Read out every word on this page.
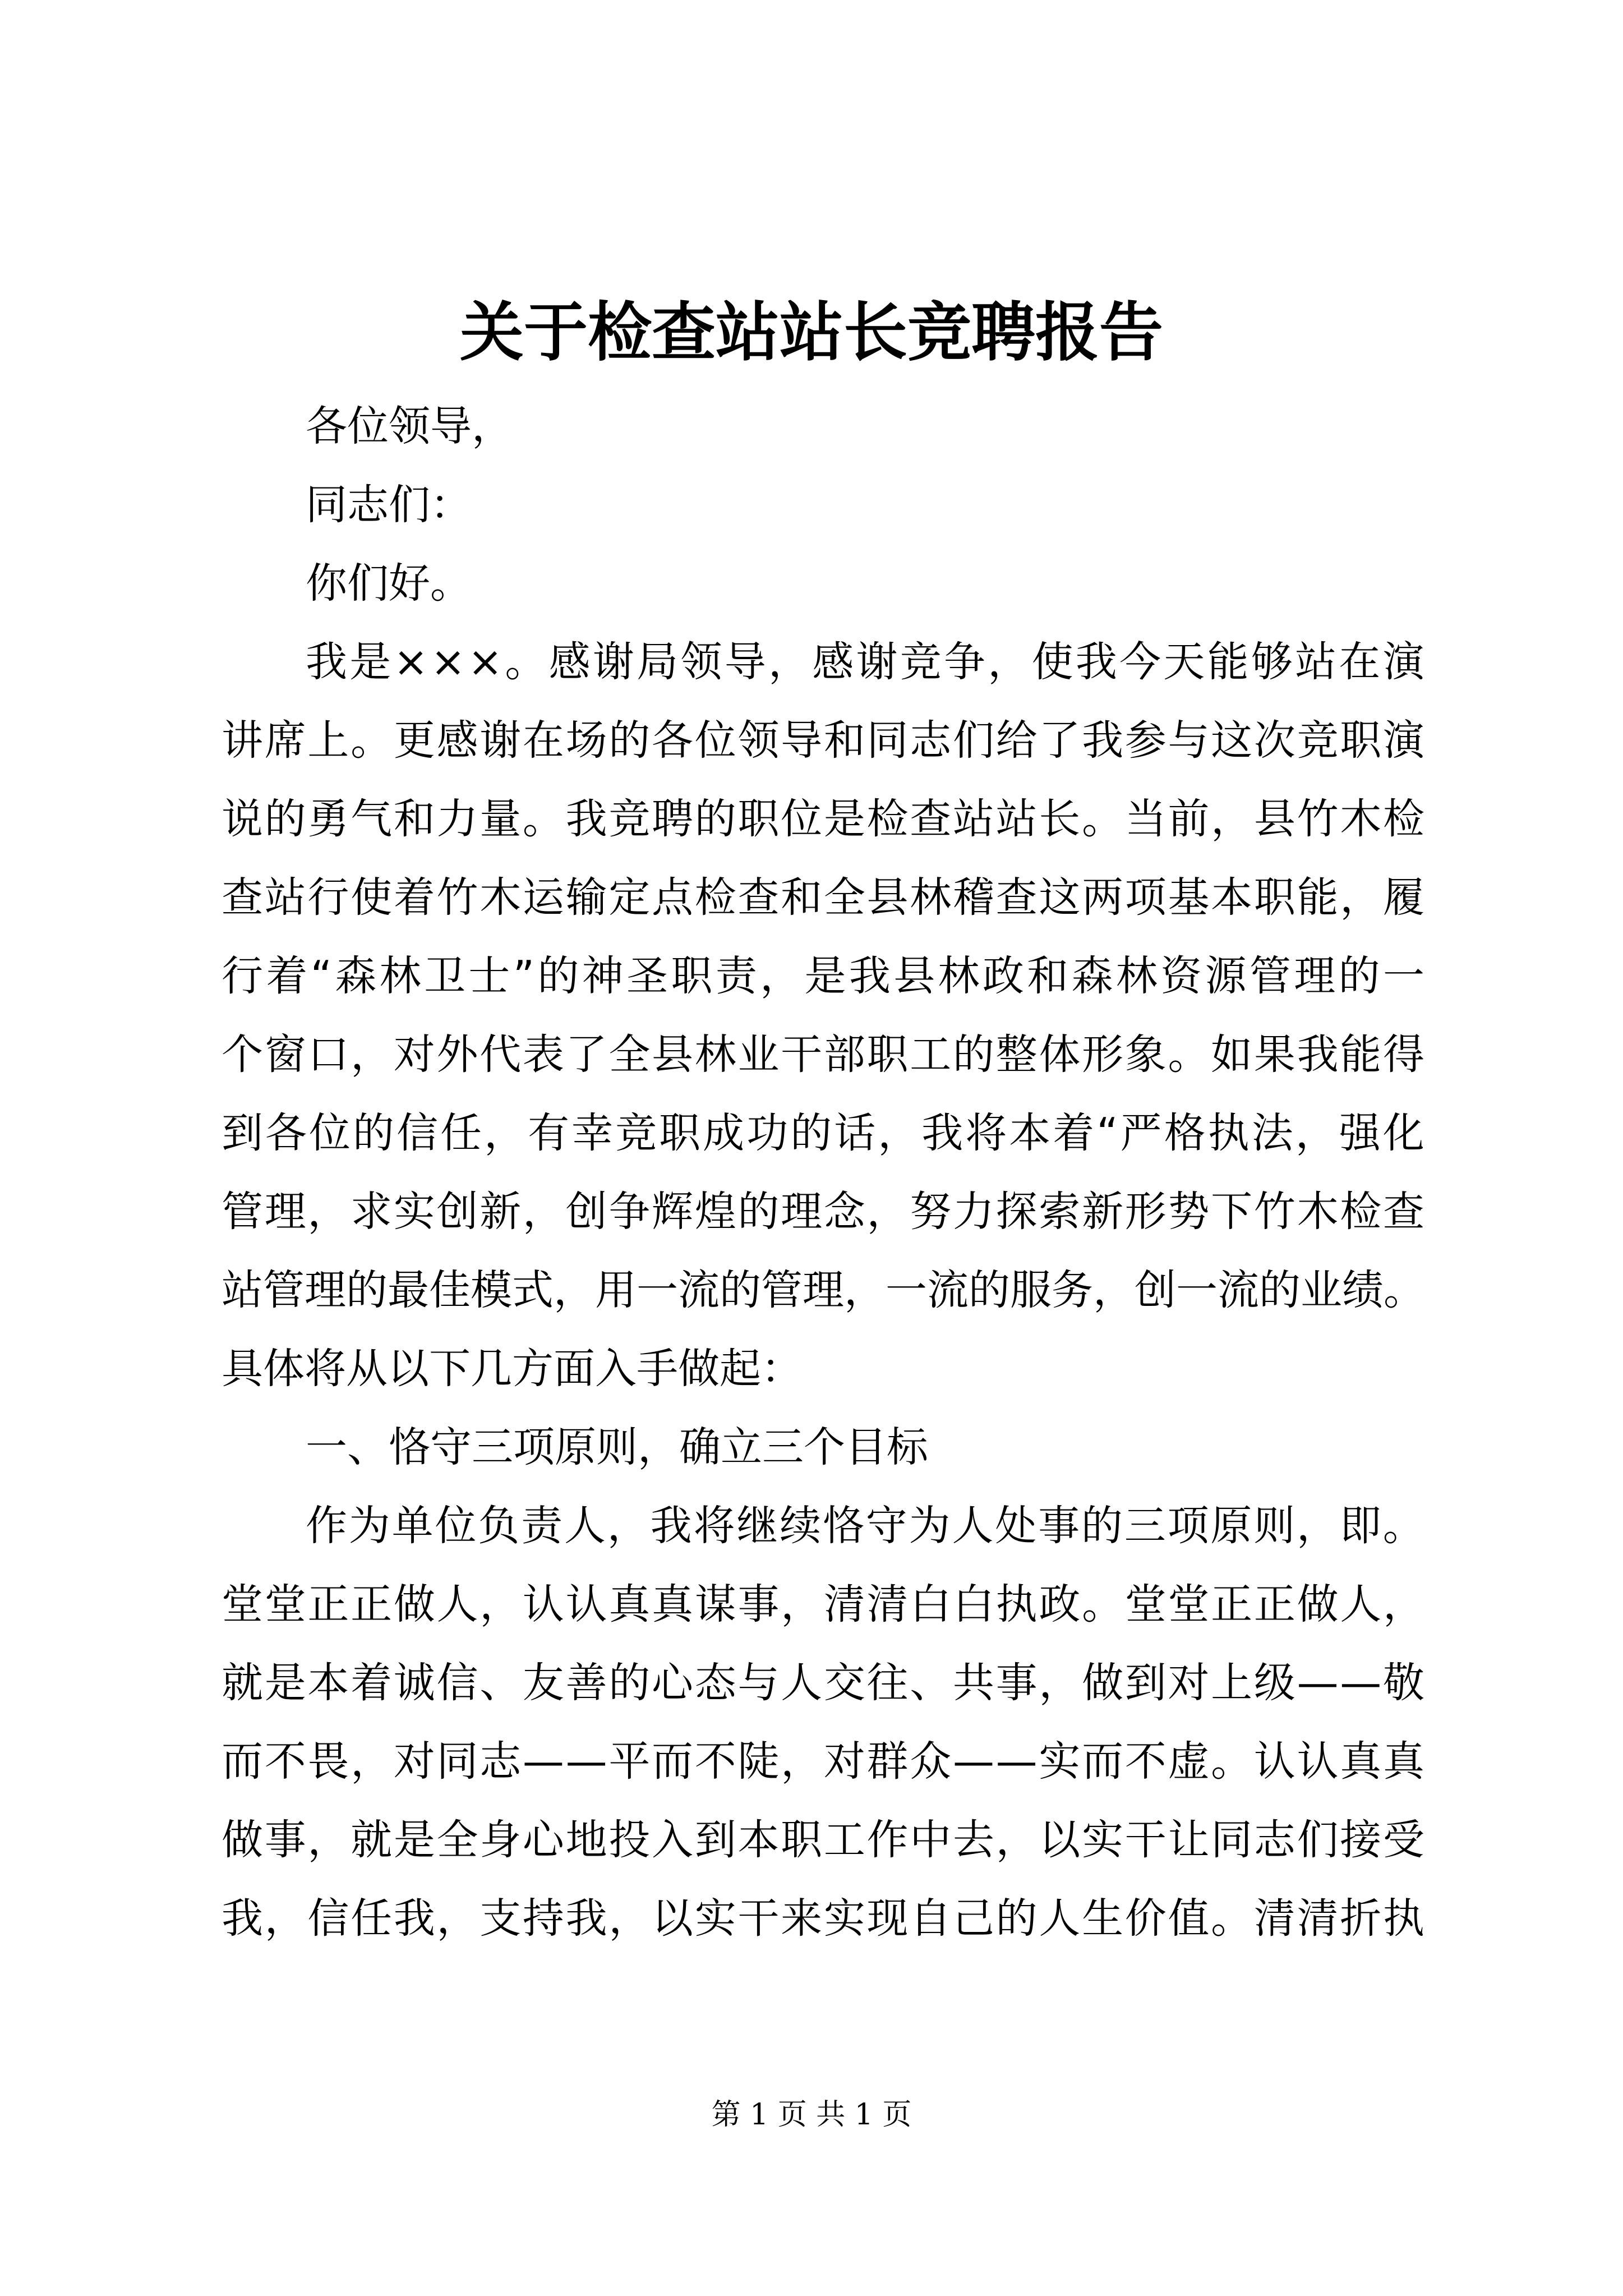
关于检查站站长竞聘报告
各位领导，
同志们：
你们好。
我 是 × × × 。 感 谢 局 领 导 ， 感 谢 竞 争 ， 使 我 今 天 能 够 站 在 演
讲 席 上 。 更 感 谢 在 场 的 各 位 领 导 和 同 志 们 给 了 我 参 与 这 次 竞 职 演
说 的 勇 气 和 力 量 。 我 竞 聘 的 职 位 是 检 查 站 站 长 。 当 前 ， 县 竹 木 检
查 站 行 使 着 竹 木 运 输 定 点 检 查 和 全 县 林 稽 查 这 两 项 基 本 职 能 ， 履
行 着 “ 森 林 卫 士 ” 的 神 圣 职 责 ， 是 我 县 林 政 和 森 林 资 源 管 理 的 一
个 窗 口 ， 对 外 代 表 了 全 县 林 业 干 部 职 工 的 整 体 形 象 。 如 果 我 能 得
到 各 位 的 信 任 ， 有 幸 竞 职 成 功 的 话 ， 我 将 本 着 “ 严 格 执 法 ， 强 化
管 理 ， 求 实 创 新 ， 创 争 辉 煌 的 理 念 ， 努 力 探 索 新 形 势 下 竹 木 检 查
站 管 理 的 最 佳 模 式 ， 用 一 流 的 管 理 ， 一 流 的 服 务 ， 创 一 流 的 业 绩 。
具体将从以下几方面入手做起：
一、恪守三项原则，确立三个目标
作 为 单 位 负 责 人 ， 我 将 继 续 恪 守 为 人 处 事 的 三 项 原 则 ， 即 。
堂 堂 正 正 做 人 ， 认 认 真 真 谋 事 ， 清 清 白 白 执 政 。 堂 堂 正 正 做 人 ，
就 是 本 着 诚 信 、 友 善 的 心 态 与 人 交 往 、 共 事 ， 做 到 对 上 级 — — 敬
而 不 畏 ， 对 同 志 — — 平 而 不 陡 ， 对 群 众 — — 实 而 不 虚 。 认 认 真 真
做 事 ， 就 是 全 身 心 地 投 入 到 本 职 工 作 中 去 ， 以 实 干 让 同 志 们 接 受
我 ， 信 任 我 ， 支 持 我 ， 以 实 干 来 实 现 自 己 的 人 生 价 值 。 清 清 折 执
第 1 页 共 1 页
